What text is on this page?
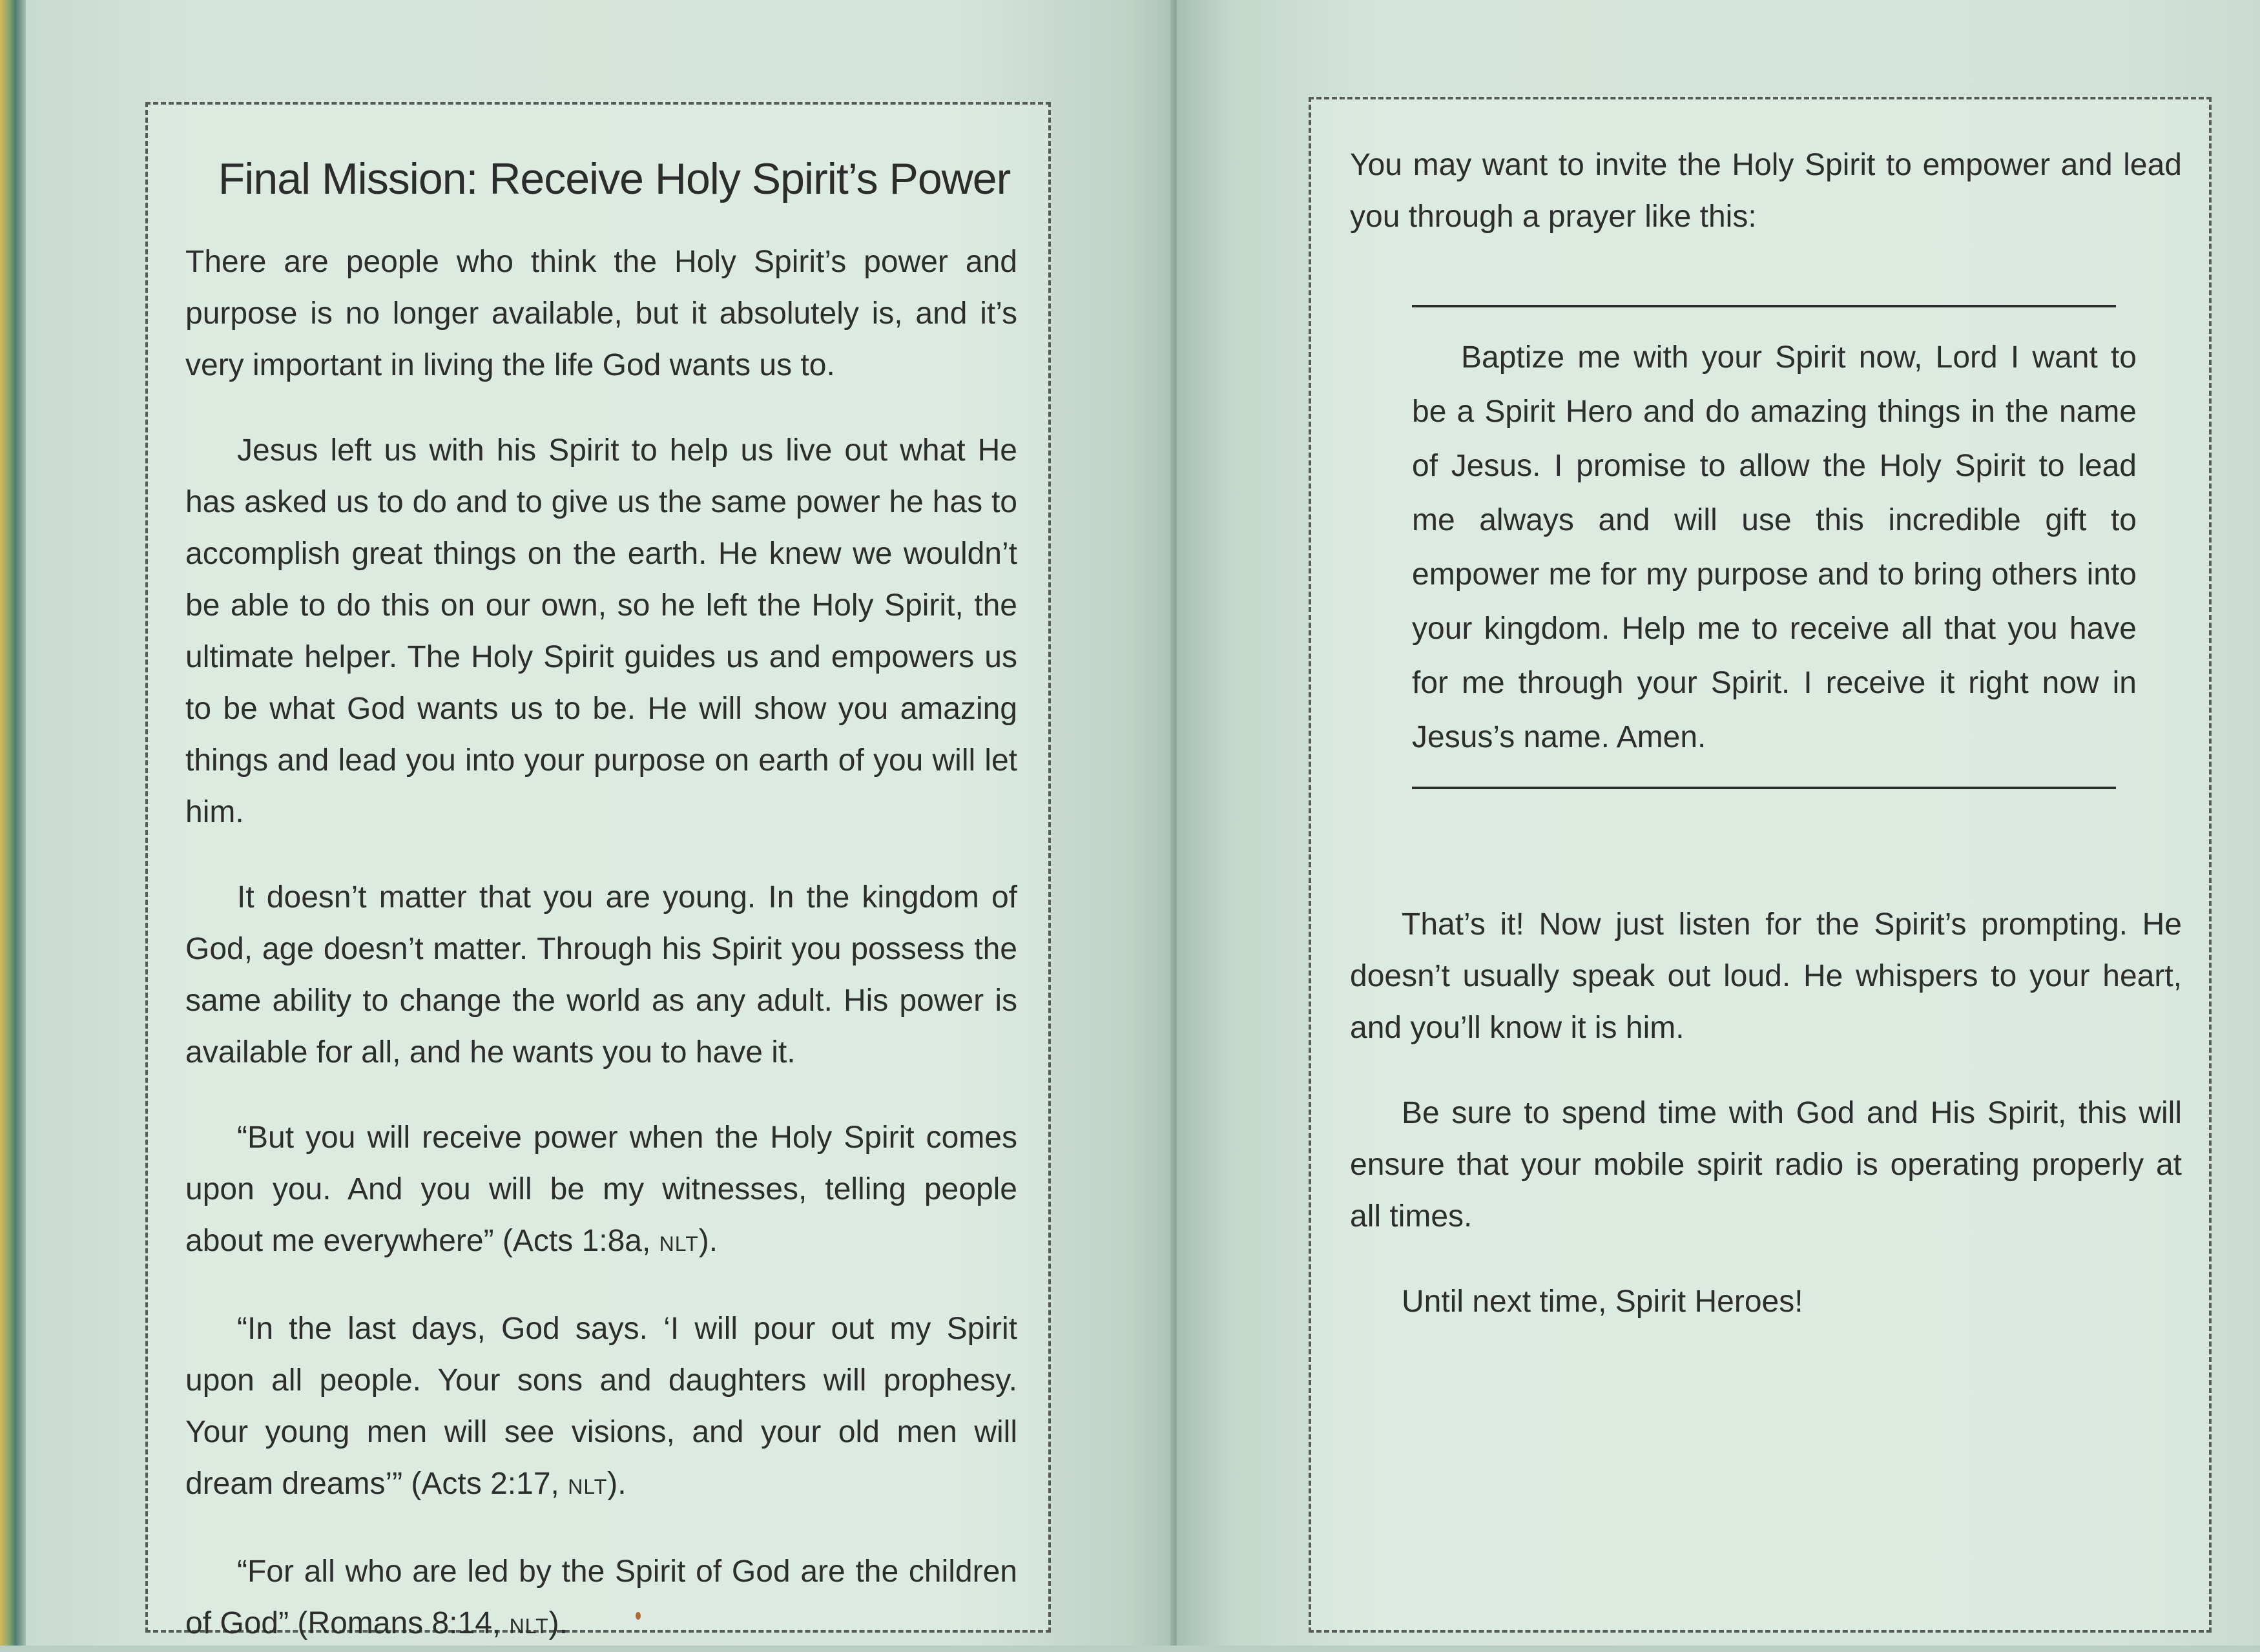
Final Mission: Receive Holy Spirit’s Power

There are people who think the Holy Spirit’s power and purpose is no longer available, but it absolutely is, and it’s very important in living the life God wants us to.

Jesus left us with his Spirit to help us live out what He has asked us to do and to give us the same power he has to accomplish great things on the earth. He knew we wouldn’t be able to do this on our own, so he left the Holy Spirit, the ultimate helper. The Holy Spirit guides us and empowers us to be what God wants us to be. He will show you amazing things and lead you into your purpose on earth of you will let him.

It doesn’t matter that you are young. In the kingdom of God, age doesn’t matter. Through his Spirit you possess the same ability to change the world as any adult. His power is available for all, and he wants you to have it.

“But you will receive power when the Holy Spirit comes upon you. And you will be my witnesses, telling people about me everywhere” (Acts 1:8a, NLT).

“In the last days, God says. ‘I will pour out my Spirit upon all people. Your sons and daughters will prophesy. Your young men will see visions, and your old men will dream dreams’” (Acts 2:17, NLT).

“For all who are led by the Spirit of God are the children of God” (Romans 8:14, NLT).

You may want to invite the Holy Spirit to empower and lead you through a prayer like this:

Baptize me with your Spirit now, Lord I want to be a Spirit Hero and do amazing things in the name of Jesus. I promise to allow the Holy Spirit to lead me always and will use this incredible gift to empower me for my purpose and to bring others into your kingdom. Help me to receive all that you have for me through your Spirit. I receive it right now in Jesus’s name. Amen.

That’s it! Now just listen for the Spirit’s prompting. He doesn’t usually speak out loud. He whispers to your heart, and you’ll know it is him.

Be sure to spend time with God and His Spirit, this will ensure that your mobile spirit radio is operating properly at all times.

Until next time, Spirit Heroes!
